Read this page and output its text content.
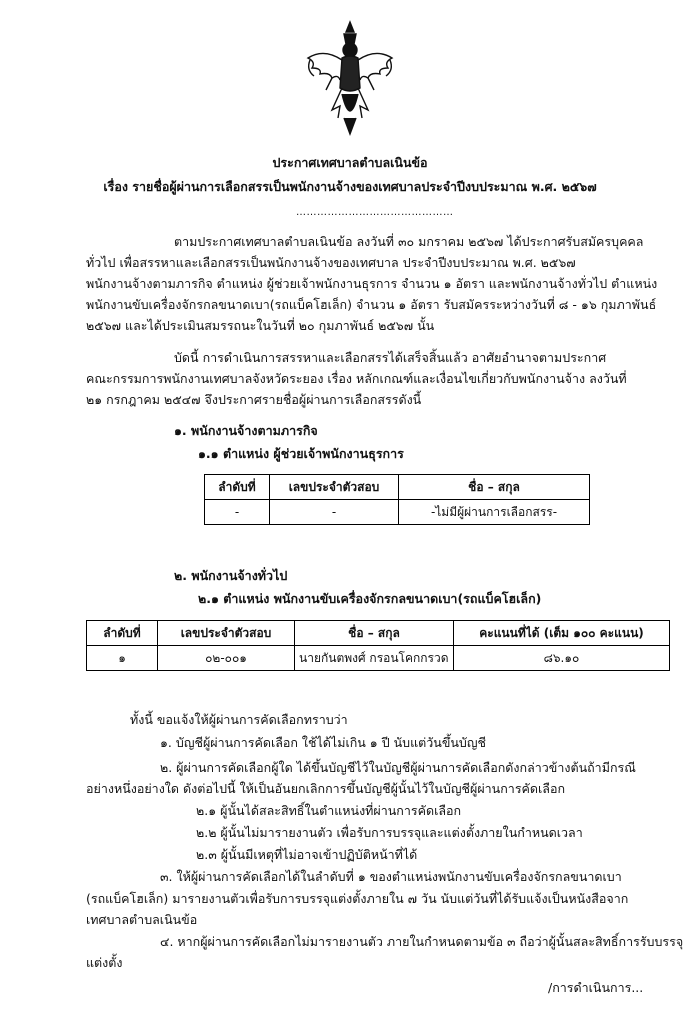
ประกาศเทศบาลตำบลเนินข้อ
เรื่อง รายชื่อผู้ผ่านการเลือกสรรเป็นพนักงานจ้างของเทศบาลประจำปีงบประมาณ พ.ศ. ๒๕๖๗
………………………………………
ตามประกาศเทศบาลตำบลเนินข้อ ลงวันที่ ๓๐ มกราคม ๒๕๖๗ ได้ประกาศรับสมัครบุคคล
ทั่วไป เพื่อสรรหาและเลือกสรรเป็นพนักงานจ้างของเทศบาล ประจำปีงบประมาณ พ.ศ. ๒๕๖๗
พนักงานจ้างตามภารกิจ ตำแหน่ง ผู้ช่วยเจ้าพนักงานธุรการ จำนวน ๑ อัตรา และพนักงานจ้างทั่วไป ตำแหน่ง
พนักงานขับเครื่องจักรกลขนาดเบา(รถแบ็คโฮเล็ก) จำนวน ๑ อัตรา รับสมัครระหว่างวันที่ ๘ - ๑๖ กุมภาพันธ์
๒๕๖๗ และได้ประเมินสมรรถนะในวันที่ ๒๐ กุมภาพันธ์ ๒๕๖๗ นั้น
บัดนี้ การดำเนินการสรรหาและเลือกสรรได้เสร็จสิ้นแล้ว อาศัยอำนาจตามประกาศ
คณะกรรมการพนักงานเทศบาลจังหวัดระยอง เรื่อง หลักเกณฑ์และเงื่อนไขเกี่ยวกับพนักงานจ้าง ลงวันที่
๒๑ กรกฎาคม ๒๕๔๗ จึงประกาศรายชื่อผู้ผ่านการเลือกสรรดังนี้
๑. พนักงานจ้างตามภารกิจ
๑.๑ ตำแหน่ง ผู้ช่วยเจ้าพนักงานธุรการ
ลำดับที่	เลขประจำตัวสอบ	ชื่อ – สกุล
-	-	-ไม่มีผู้ผ่านการเลือกสรร-
๒. พนักงานจ้างทั่วไป
๒.๑ ตำแหน่ง พนักงานขับเครื่องจักรกลขนาดเบา(รถแบ็คโฮเล็ก)
ลำดับที่	เลขประจำตัวสอบ	ชื่อ – สกุล	คะแนนที่ได้ (เต็ม ๑๐๐ คะแนน)
๑	๐๒-๐๐๑	นายกันตพงศ์ กรอนโคกกรวด	๘๖.๑๐
ทั้งนี้ ขอแจ้งให้ผู้ผ่านการคัดเลือกทราบว่า
๑. บัญชีผู้ผ่านการคัดเลือก ใช้ได้ไม่เกิน ๑ ปี นับแต่วันขึ้นบัญชี
๒. ผู้ผ่านการคัดเลือกผู้ใด ได้ขึ้นบัญชีไว้ในบัญชีผู้ผ่านการคัดเลือกดังกล่าวข้างต้นถ้ามีกรณี
อย่างหนึ่งอย่างใด ดังต่อไปนี้ ให้เป็นอันยกเลิกการขึ้นบัญชีผู้นั้นไว้ในบัญชีผู้ผ่านการคัดเลือก
๒.๑ ผู้นั้นได้สละสิทธิ์ในตำแหน่งที่ผ่านการคัดเลือก
๒.๒ ผู้นั้นไม่มารายงานตัว เพื่อรับการบรรจุและแต่งตั้งภายในกำหนดเวลา
๒.๓ ผู้นั้นมีเหตุที่ไม่อาจเข้าปฏิบัติหน้าที่ได้
๓. ให้ผู้ผ่านการคัดเลือกได้ในลำดับที่ ๑ ของตำแหน่งพนักงานขับเครื่องจักรกลขนาดเบา
(รถแบ็คโฮเล็ก) มารายงานตัวเพื่อรับการบรรจุแต่งตั้งภายใน ๗ วัน นับแต่วันที่ได้รับแจ้งเป็นหนังสือจาก
เทศบาลตำบลเนินข้อ
๔. หากผู้ผ่านการคัดเลือกไม่มารายงานตัว ภายในกำหนดตามข้อ ๓ ถือว่าผู้นั้นสละสิทธิ์การรับบรรจุ
แต่งตั้ง
/การดำเนินการ...
